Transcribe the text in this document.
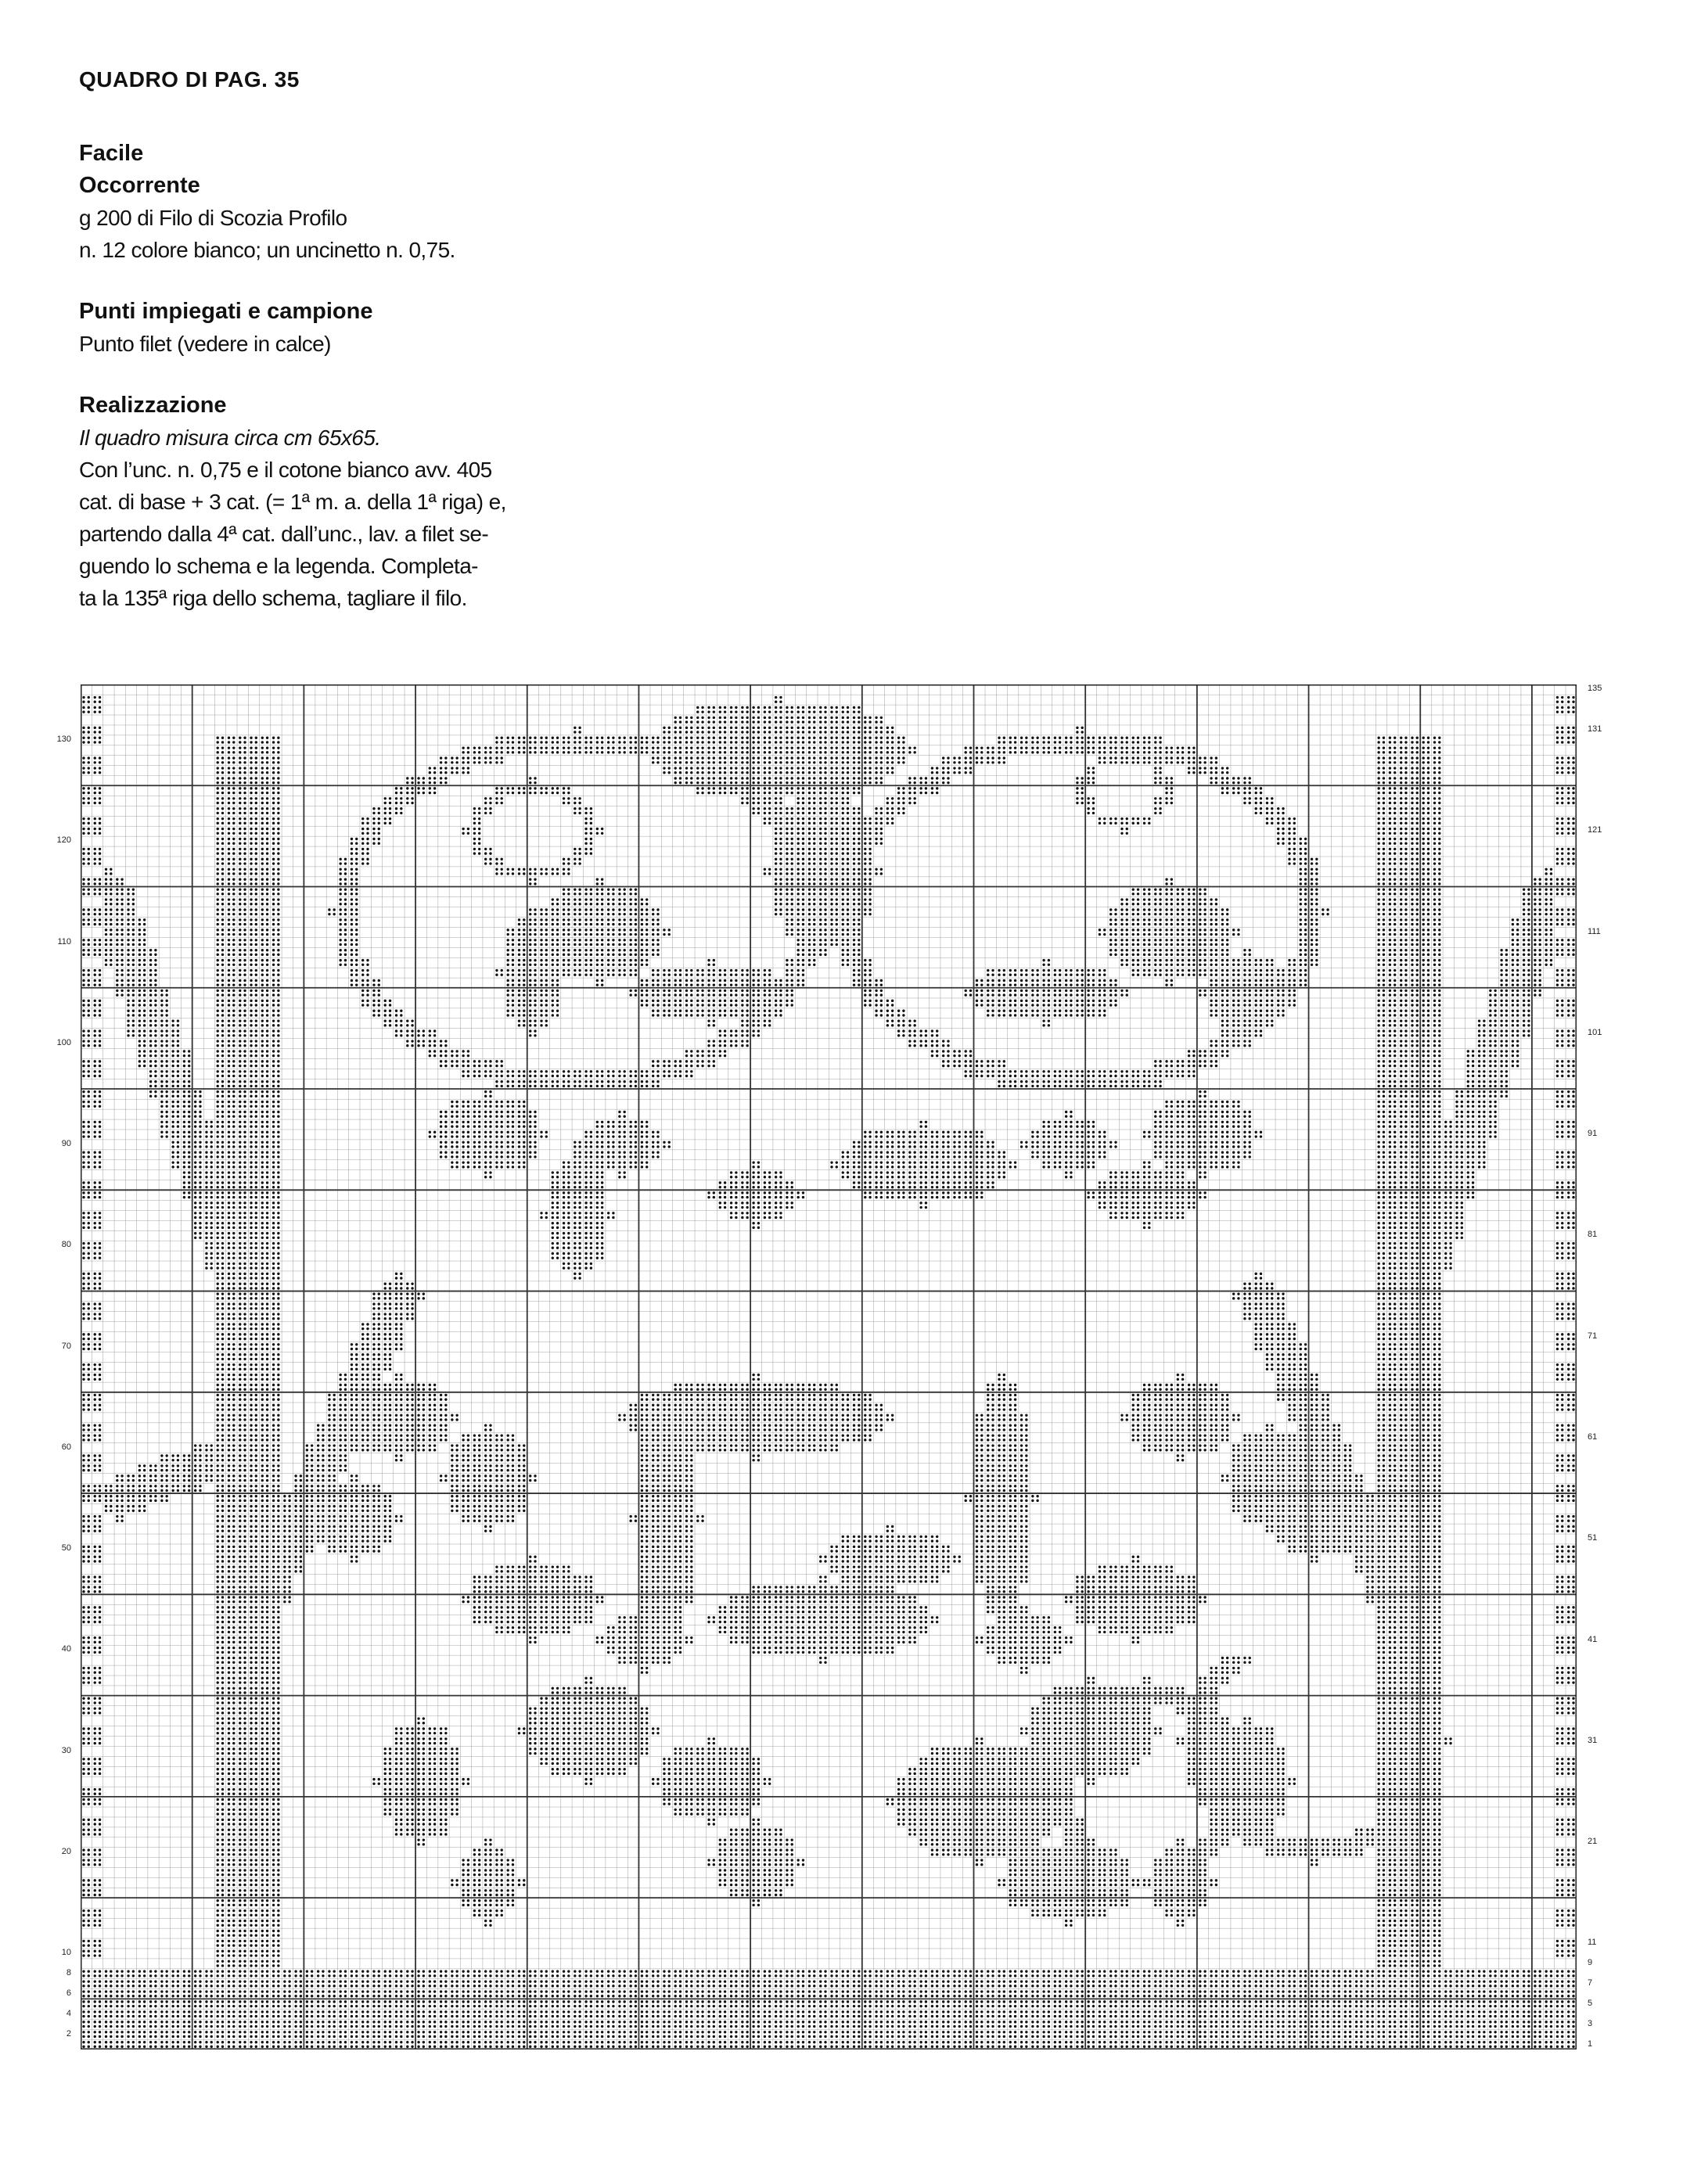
QUADRO DI PAG. 35

Facile

Occorrente

g 200 di Filo di Scozia Profilo

n. 12 colore bianco; un uncinetto n. 0,75.

Punti impiegati e campione

Punto filet (vedere in calce)

Realizzazione

Il quadro misura circa cm 65x65.

Con l’unc. n. 0,75 e il cotone bianco avv. 405

cat. di base + 3 cat. (= 1ª m. a. della 1ª riga) e,

partendo dalla 4ª cat. dall’unc., lav. a filet se-

guendo lo schema e la legenda. Completa-

ta la 135ª riga dello schema, tagliare il filo.

130
120
110
100
90
80
70
60
50
40
30
20
10
8
6
4
2
135
131
121
111
101
91
81
71
61
51
41
31
21
11
9
7
5
3
1
